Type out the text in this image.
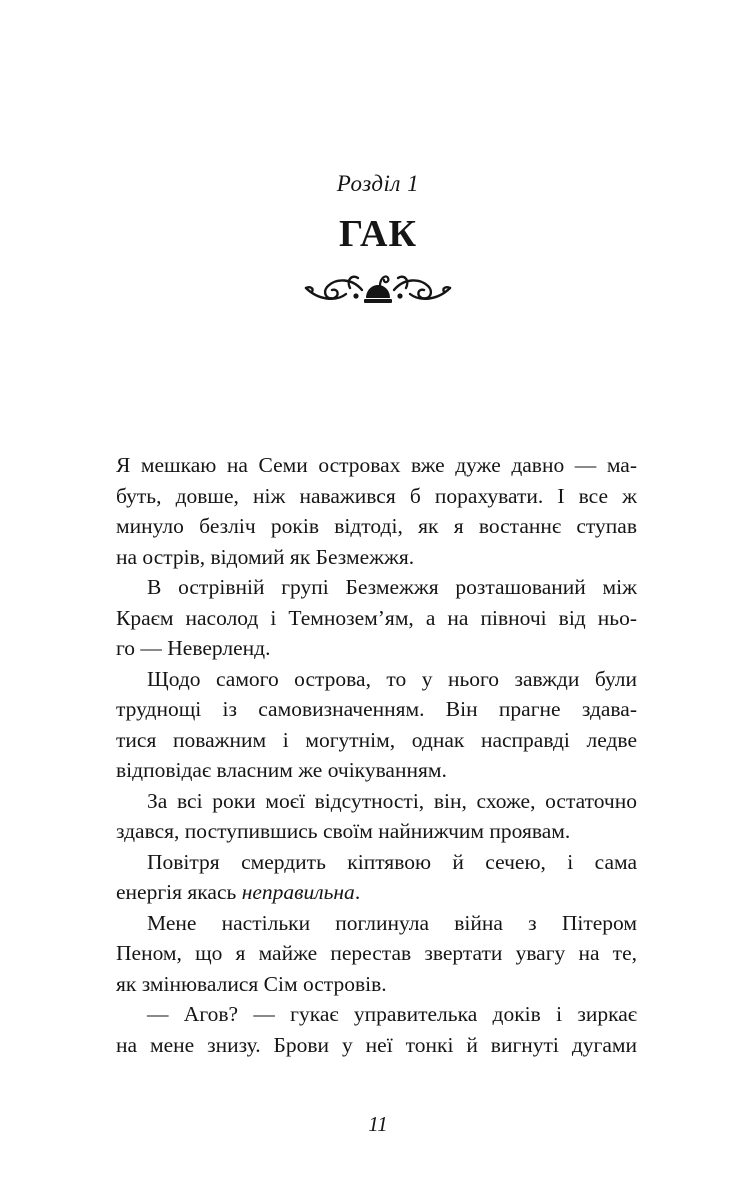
Розділ 1
ГАК

Я мешкаю на Семи островах вже дуже давно — ма-
буть, довше, ніж наважився б порахувати. І все ж
минуло безліч років відтоді, як я востаннє ступав
на острів, відомий як Безмежжя.

В острівній групі Безмежжя розташований між
Краєм насолод і Темноземʼям, а на півночі від ньо-
го — Неверленд.

Щодо самого острова, то у нього завжди були
труднощі із самовизначенням. Він прагне здава-
тися поважним і могутнім, однак насправді ледве
відповідає власним же очікуванням.

За всі роки моєї відсутності, він, схоже, остаточно
здався, поступившись своїм найнижчим проявам.

Повітря смердить кіптявою й сечею, і сама
енергія якась неправильна.

Мене настільки поглинула війна з Пітером
Пеном, що я майже перестав звертати увагу на те,
як змінювалися Сім островів.

— Агов? — гукає управителька доків і зиркає
на мене знизу. Брови у неї тонкі й вигнуті дугами

11
